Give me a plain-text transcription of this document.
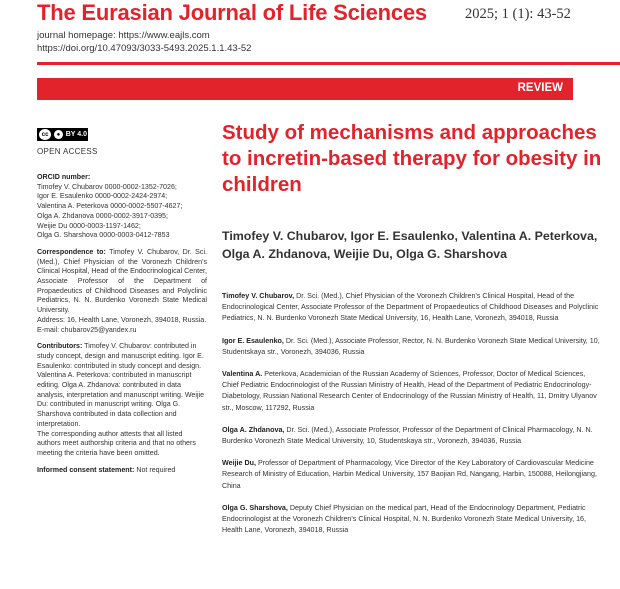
The Eurasian Journal of Life Sciences	2025; 1 (1): 43-52
journal homepage: https://www.eajls.com
https://doi.org/10.47093/3033-5493.2025.1.1.43-52
REVIEW
cc	● BY 4.0
OPEN ACCESS

ORCID number:
Timofey V. Chubarov 0000-0002-1352-7026;
Igor E. Esaulenko 0000-0002-2424-2974;
Valentina A. Peterkova 0000-0002-5507-4627;
Olga A. Zhdanova 0000-0002-3917-0395;
Weijie Du 0000-0003-1197-1462;
Olga G. Sharshova 0000-0003-0412-7853

Correspondence to: Timofey V. Chubarov, Dr. Sci. (Med.), Chief Physician of the Voronezh Children's Clinical Hospital, Head of the Endocrinological Center, Associate Professor of the Department of Propaedeutics of Childhood Diseases and Polyclinic Pediatrics, N. N. Burdenko Voronezh State Medical University.
Address: 16, Health Lane, Voronezh, 394018, Russia.
E-mail: chubarov25@yandex.ru

Contributors: Timofey V. Chubarov: contributed in study concept, design and manuscript editing. Igor E. Esaulenko: contributed in study concept and design. Valentina A. Peterkova: contributed in manuscript editing. Olga A. Zhdanova: contributed in data analysis, interpretation and manuscript writing. Weijie Du: contributed in manuscript writing. Olga G. Sharshova contributed in data collection and interpretation.
The corresponding author attests that all listed authors meet authorship criteria and that no others meeting the criteria have been omitted.

Informed consent statement: Not required

Study of mechanisms and approaches to incretin-based therapy for obesity in children
Timofey V. Chubarov, Igor E. Esaulenko, Valentina A. Peterkova, Olga A. Zhdanova, Weijie Du, Olga G. Sharshova

Timofey V. Chubarov, Dr. Sci. (Med.), Chief Physician of the Voronezh Children's Clinical Hospital, Head of the Endocrinological Center, Associate Professor of the Department of Propaedeutics of Childhood Diseases and Polyclinic Pediatrics, N. N. Burdenko Voronezh State Medical University, 16, Health Lane, Voronezh, 394018, Russia

Igor E. Esaulenko, Dr. Sci. (Med.), Associate Professor, Rector, N. N. Burdenko Voronezh State Medical University, 10, Studentskaya str., Voronezh, 394036, Russia

Valentina A. Peterkova, Academician of the Russian Academy of Sciences, Professor, Doctor of Medical Sciences, Chief Pediatric Endocrinologist of the Russian Ministry of Health, Head of the Department of Pediatric Endocrinology-Diabetology, Russian National Research Center of Endocrinology of the Russian Ministry of Health, 11, Dmitry Ulyanov str., Moscow, 117292, Russia

Olga A. Zhdanova, Dr. Sci. (Med.), Associate Professor, Professor of the Department of Clinical Pharmacology, N. N. Burdenko Voronezh State Medical University, 10, Studentskaya str., Voronezh, 394036, Russia

Weijie Du, Professor of Department of Pharmacology, Vice Director of the Key Laboratory of Cardiovascular Medicine Research of Ministry of Education, Harbin Medical University, 157 Baojian Rd, Nangang, Harbin, 150088, Heilongjiang, China

Olga G. Sharshova, Deputy Chief Physician on the medical part, Head of the Endocrinology Department, Pediatric Endocrinologist at the Voronezh Children's Clinical Hospital, N. N. Burdenko Voronezh State Medical University, 16, Health Lane, Voronezh, 394018, Russia
